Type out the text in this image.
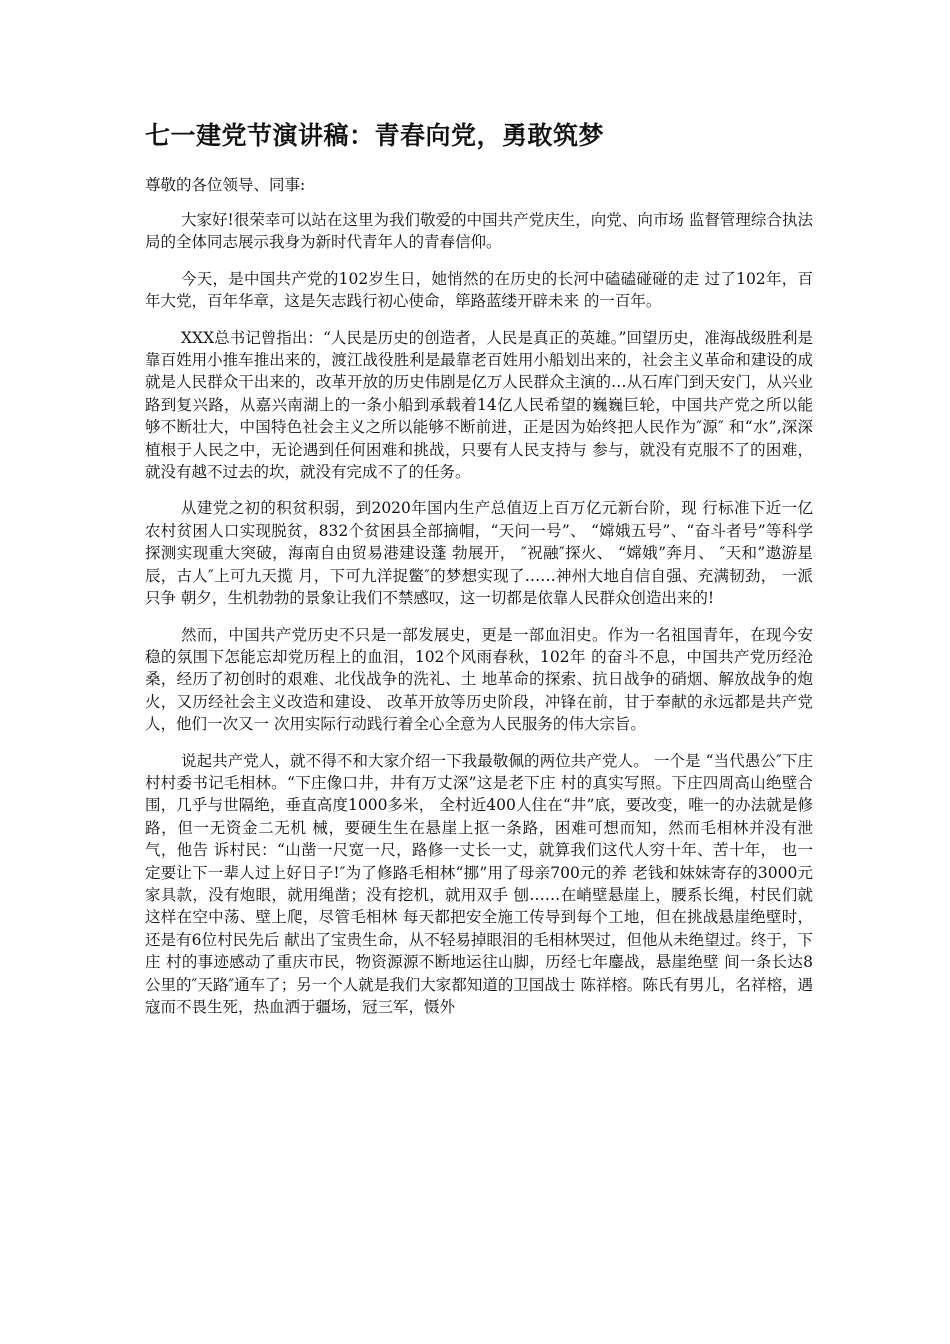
七一建党节演讲稿：青春向党，勇敢筑梦
尊敬的各位领导、同事:

大家好!很荣幸可以站在这里为我们敬爱的中国共产党庆生，向党、向市场 监督管理综合执法局的全体同志展示我身为新时代青年人的青春信仰。

今天，是中国共产党的102岁生日，她悄然的在历史的长河中磕磕碰碰的走 过了102年，百年大党，百年华章，这是矢志践行初心使命，筚路蓝缕开辟未来 的一百年。

XXX总书记曾指出：“人民是历史的创造者，人民是真正的英雄。”回望历史，准海战级胜利是靠百姓用小推车推出来的，渡江战役胜利是最靠老百姓用小船划出来的，社会主义革命和建设的成就是人民群众干出来的，改革开放的历史伟剧是亿万人民群众主演的…从石库门到天安门，从兴业路到复兴路，从嘉兴南湖上的一条小船到承载着14亿人民希望的巍巍巨轮，中国共产党之所以能够不断壮大，中国特色社会主义之所以能够不断前进，正是因为始终把人民作为″源″ 和“水”,深深植根于人民之中，无论遇到任何困难和挑战，只要有人民支持与 参与，就没有克服不了的困难，就没有越不过去的坎，就没有完成不了的任务。

从建党之初的积贫积弱，到2020年国内生产总值迈上百万亿元新台阶，现 行标准下近一亿农村贫困人口实现脱贫，832个贫困县全部摘帽，“天问一号”、 “嫦娥五号”、“奋斗者号”等科学探测实现重大突破，海南自由贸易港建设蓬 勃展开， ″祝融″探火、 “嫦娥”奔月、 ″天和”遨游星辰，古人″上可九天揽 月，下可九洋捉鳖″的梦想实现了……神州大地自信自强、充满韧劲， 一派只争 朝夕，生机勃勃的景象让我们不禁感叹，这一切都是依靠人民群众创造出来的!

然而，中国共产党历史不只是一部发展史，更是一部血泪史。作为一名祖国青年，在现今安稳的氛围下怎能忘却党历程上的血泪，102个风雨春秋，102年 的奋斗不息，中国共产党历经沧桑，经历了初创时的艰难、北伐战争的洗礼、土 地革命的探索、抗日战争的硝烟、解放战争的炮火，又历经社会主义改造和建设、 改革开放等历史阶段，冲锋在前，甘于奉献的永远都是共产党人，他们一次又一 次用实际行动践行着全心全意为人民服务的伟大宗旨。

说起共产党人，就不得不和大家介绍一下我最敬佩的两位共产党人。 一个是 “当代愚公″下庄村村委书记毛相林。“下庄像口井，井有万丈深”这是老下庄 村的真实写照。下庄四周高山绝壁合围，几乎与世隔绝，垂直高度1000多米， 全村近400人住在“井”底，要改变，唯一的办法就是修路，但一无资金二无机 械，要硬生生在悬崖上抠一条路，困难可想而知，然而毛相林并没有泄气，他告 诉村民：“山凿一尺宽一尺，路修一丈长一丈，就算我们这代人穷十年、苦十年， 也一定要让下一辈人过上好日子!″为了修路毛相林“挪”用了母亲700元的养 老钱和妹妹寄存的3000元家具款，没有炮眼，就用绳凿；没有挖机，就用双手 刨……在峭壁悬崖上，腰系长绳，村民们就这样在空中荡、壁上爬，尽管毛相林 每天都把安全施工传导到每个工地，但在挑战悬崖绝壁时，还是有6位村民先后 献出了宝贵生命，从不轻易掉眼泪的毛相林哭过，但他从未绝望过。终于，下庄 村的事迹感动了重庆市民，物资源源不断地运往山脚，历经七年鏖战，悬崖绝壁 间一条长达8公里的″天路″通车了；另一个人就是我们大家都知道的卫国战士 陈祥榕。陈氏有男儿，名祥榕，遇寇而不畏生死，热血洒于疆场，冠三军，慑外
